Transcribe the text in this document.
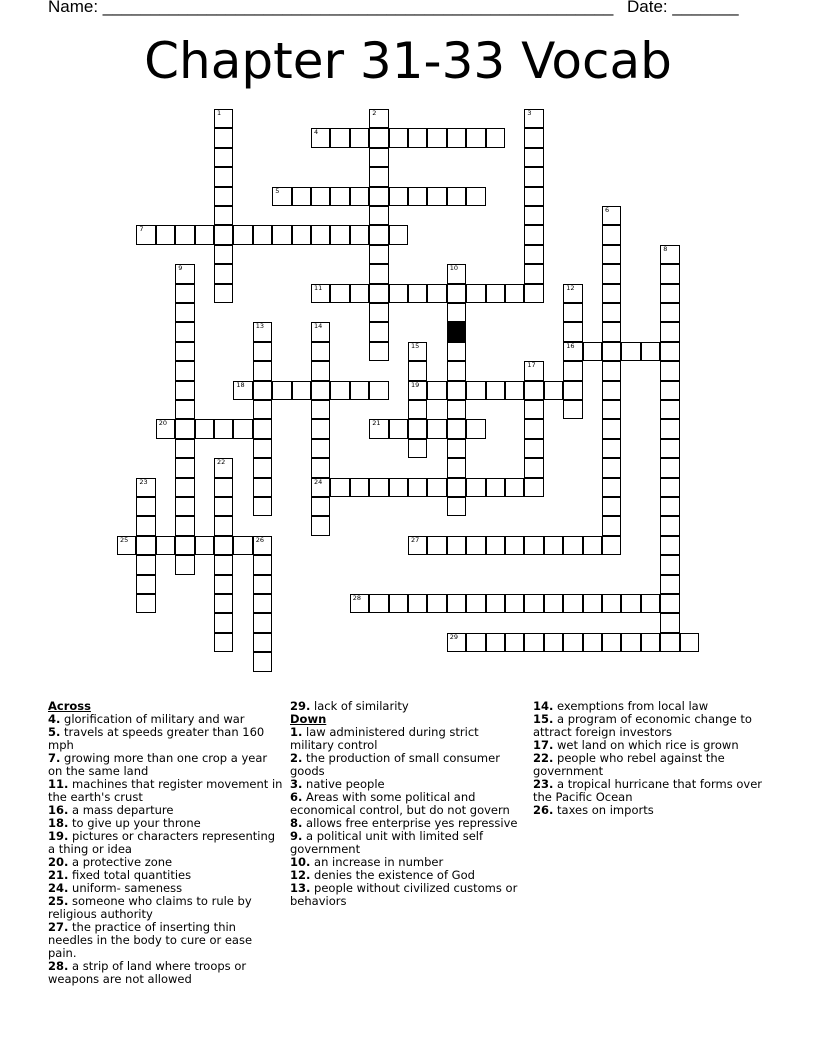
Name: ______________________________________________________ Date: _______
Chapter 31-33 Vocab
1	2	3
4
5
6
7
8
9	10
11	12
16
13	14
24
15
19
17
18
20	21
22
23
25	26	27
28
29
Across
4. glorification of military and war
5. travels at speeds greater than 160 mph
7. growing more than one crop a year on the same land
11. machines that register movement in the earth's crust
16. a mass departure
18. to give up your throne
19. pictures or characters representing a thing or idea
20. a protective zone
21. fixed total quantities
24. uniform- sameness
25. someone who claims to rule by religious authority
27. the practice of inserting thin needles in the body to cure or ease pain.
28. a strip of land where troops or weapons are not allowed
29. lack of similarity
Down
1. law administered during strict military control
2. the production of small consumer goods
3. native people
6. Areas with some political and economical control, but do not govern
8. allows free enterprise yes repressive
9. a political unit with limited self government
10. an increase in number
12. denies the existence of God
13. people without civilized customs or behaviors
14. exemptions from local law
15. a program of economic change to attract foreign investors
17. wet land on which rice is grown
22. people who rebel against the government
23. a tropical hurricane that forms over the Pacific Ocean
26. taxes on imports
